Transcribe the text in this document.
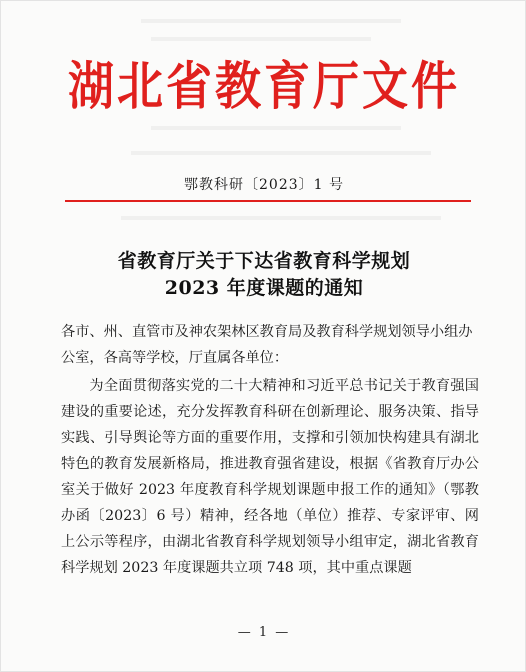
湖北省教育厅文件
鄂教科研〔2023〕1 号
省教育厅关于下达省教育科学规划
2023 年度课题的通知
各市、州、直管市及神农架林区教育局及教育科学规划领导小组办公室，各高等学校，厅直属各单位：
为全面贯彻落实党的二十大精神和习近平总书记关于教育强国建设的重要论述，充分发挥教育科研在创新理论、服务决策、指导实践、引导舆论等方面的重要作用，支撑和引领加快构建具有湖北特色的教育发展新格局，推进教育强省建设，根据《省教育厅办公室关于做好 2023 年度教育科学规划课题申报工作的通知》（鄂教办函〔2023〕6 号）精神，经各地（单位）推荐、专家评审、网上公示等程序，由湖北省教育科学规划领导小组审定，湖北省教育科学规划 2023 年度课题共立项 748 项，其中重点课题
— 1 —
